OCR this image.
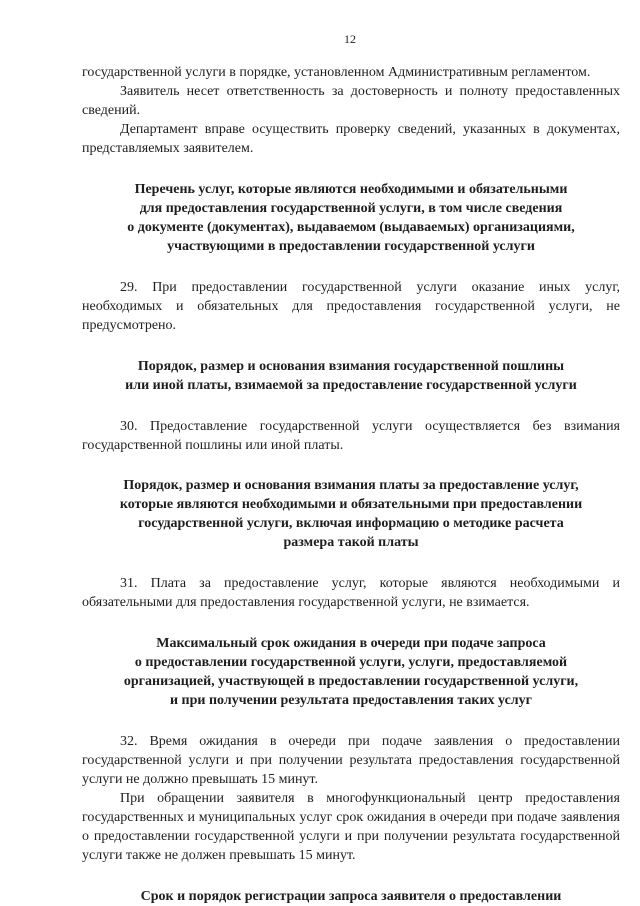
12

государственной услуги в порядке, установленном Административным регламентом.

Заявитель несет ответственность за достоверность и полноту предоставленных сведений.

Департамент вправе осуществить проверку сведений, указанных в документах, представляемых заявителем.

Перечень услуг, которые являются необходимыми и обязательными
для предоставления государственной услуги, в том числе сведения
о документе (документах), выдаваемом (выдаваемых) организациями,
участвующими в предоставлении государственной услуги

29. При предоставлении государственной услуги оказание иных услуг, необходимых и обязательных для предоставления государственной услуги, не предусмотрено.

Порядок, размер и основания взимания государственной пошлины
или иной платы, взимаемой за предоставление государственной услуги

30. Предоставление государственной услуги осуществляется без взимания государственной пошлины или иной платы.

Порядок, размер и основания взимания платы за предоставление услуг,
которые являются необходимыми и обязательными при предоставлении
государственной услуги, включая информацию о методике расчета
размера такой платы

31. Плата за предоставление услуг, которые являются необходимыми и обязательными для предоставления государственной услуги, не взимается.

Максимальный срок ожидания в очереди при подаче запроса
о предоставлении государственной услуги, услуги, предоставляемой
организацией, участвующей в предоставлении государственной услуги,
и при получении результата предоставления таких услуг

32. Время ожидания в очереди при подаче заявления о предоставлении государственной услуги и при получении результата предоставления государственной услуги не должно превышать 15 минут.

При обращении заявителя в многофункциональный центр предоставления государственных и муниципальных услуг срок ожидания в очереди при подаче заявления о предоставлении государственной услуги и при получении результата государственной услуги также не должен превышать 15 минут.

Срок и порядок регистрации запроса заявителя о предоставлении
